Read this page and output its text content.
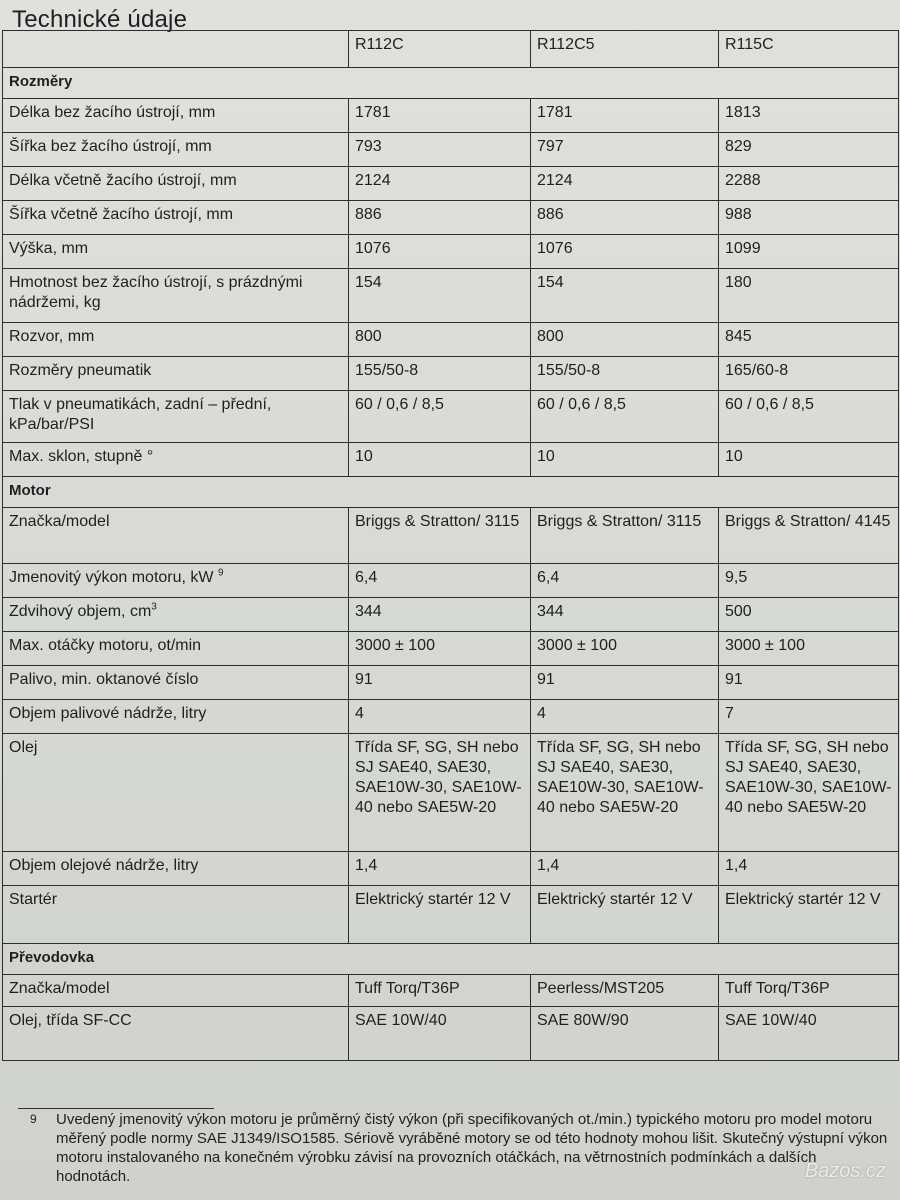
Technické údaje
	R112C	R112C5	R115C
Rozměry			
Délka bez žacího ústrojí, mm	1781	1781	1813
Šířka bez žacího ústrojí, mm	793	797	829
Délka včetně žacího ústrojí, mm	2124	2124	2288
Šířka včetně žacího ústrojí, mm	886	886	988
Výška, mm	1076	1076	1099
Hmotnost bez žacího ústrojí, s prázdnými nádržemi, kg	154	154	180
Rozvor, mm	800	800	845
Rozměry pneumatik	155/50-8	155/50-8	165/60-8
Tlak v pneumatikách, zadní – přední, kPa/bar/PSI	60 / 0,6 / 8,5	60 / 0,6 / 8,5	60 / 0,6 / 8,5
Max. sklon, stupně °	10	10	10
Motor			
Značka/model	Briggs & Stratton/ 3115	Briggs & Stratton/ 3115	Briggs & Stratton/ 4145
Jmenovitý výkon motoru, kW $^9$	6,4	6,4	9,5
Zdvihový objem, $cm^3$	344	344	500
Max. otáčky motoru, ot/min	3000 ± 100	3000 ± 100	3000 ± 100
Palivo, min. oktanové číslo	91	91	91
Objem palivové nádrže, litry	4	4	7
Olej	Třída SF, SG, SH nebo SJ SAE40, SAE30, SAE10W-30, SAE10W-40 nebo SAE5W-20	Třída SF, SG, SH nebo SJ SAE40, SAE30, SAE10W-30, SAE10W-40 nebo SAE5W-20	Třída SF, SG, SH nebo SJ SAE40, SAE30, SAE10W-30, SAE10W-40 nebo SAE5W-20
Objem olejové nádrže, litry	1,4	1,4	1,4
Startér	Elektrický startér 12 V	Elektrický startér 12 V	Elektrický startér 12 V
Převodovka			
Značka/model	Tuff Torq/T36P	Peerless/MST205	Tuff Torq/T36P
Olej, třída SF-CC	SAE 10W/40	SAE 80W/90	SAE 10W/40
9 Uvedený jmenovitý výkon motoru je průměrný čistý výkon (při specifikovaných ot./min.) typického motoru pro model motoru měřený podle normy SAE J1349/ISO1585. Sériově vyráběné motory se od této hodnoty mohou lišit. Skutečný výstupní výkon motoru instalovaného na konečném výrobku závisí na provozních otáčkách, na větrnostních podmínkách a dalších hodnotách.	Bazos.cz
